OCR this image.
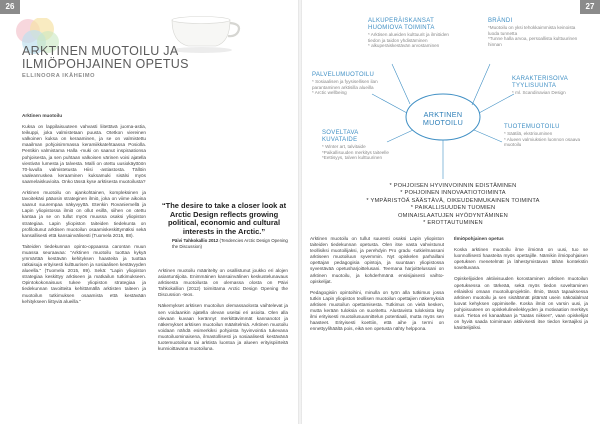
26
ARKTINEN MUOTOILU JA ILMIÖPOHJAINEN OPETUS
ELLINOORA IKÄHEIMO

Arktinen muotoilu

Kuksa on lappilaisuuteen vahvasti liitettävä juoma-astia, teikuppi, joka valmistetaan puusta. Otetkon viereinen valkoinen kuksa on keraaminen, ja se on valmistettu maailman pohjoisimmassa keramiikkatehtaassa Posiolla. Pentikin valmistama Halla -muki on saanut inspiraationsa pohjoisesta, ja sen puhtaan valkoisen värinen voisi ajatella viestivän lumesta ja talvesta. Malli on otettu uusiokäyttöön 70-luvulla valmistetusta Hiisi -astiastosta. Tällöin vaaleanruskea keraaminen kuksamuki sisälsi myös saamelaiskuvioita. Onko tässä kyse arktisesta muotoilusta?

Arktinen muotoilu on ajankohtainen, kompleksinen ja tavoitekäsi pääosin strateginen ilmiö, joka on viime aikoina saanut suurempaa näkyvyyttä. Etenkin Rovaniemellä ja Lapin yliopistossa ilmiö on ollut esillä, siihen on otettu kantaa ja se on tullut myös muussa osaksi yliopiston strategiaa. Lapin yliopiston taiteiden tiedekunta on profiloitunut arktisen muotoilun osaamiskeskittymäksi sekä kansallisesti että kansainvälisesti (Tuomela 2015, 88).

Taiteiden tiedekunnan opinto-oppaassa carontan muun muassa seuraavaa: "Arktinen muotoilu tuottaa kykyä ymmärtää kestävän kehityksen haasteita ja tuottaa ratkaisuja erityisesti kulttuurisen ja sosiaalisen kestävyyden alueella." (Tuomela 2015, 89). Sekä: "Lapin yliopiston strategiaa keskittyy arktiseen ja matkailun tutkimukseen. Opintokokonaisuus tukee yliopiston strategiaa ja tiedekunnan tavoitteita kehittämällä arktisten taiteen ja muotoilun tutkimuksen osaamista että kestävään kehitykseen liittyviä alueilla."

“The desire to take a closer look at Arctic Design reflects growing political, economic and cultural interests in the Arctic.”

Päivi Tahkokallio 2012 (Tendencies Arctic Design Opening the Discussion)

Arktinen muotoilu määritelty on osallistunut joukko eri alojen asiantuntijoita. Enimmäinen kansainvälinen keskustelunavaus arktisesta muotoilusta on olemassa olosta on Päivi Tahkokallion (2012) toimittama Arctic Design Opening the Discussion -teos.

Näkemykset arktisen muotoilun olemassaolosta vaihtelevat ja sen voidaankin ajatella olevan useitai eri asioita. Olen alla olevaan kuvaan kerännyt merkittävimmät kannanotot ja näkemykset arktisen muotoilun määritelmiä. Arktinen muotoilu voidaan nähdä esimerkiksi pohjoista hyvinvointia tukevana muotoiluominaisena, ilmastollisesti ja sosiaalisesti kestävänä tuotemuotoiluna tai arktista luontoa ja alueen erityispiirteitä kunnioittavana muotoiluna.

27
ALKUPERÄISKANSAT HUOMIOVA TOIMINTA
* Arktisen alueiden kulttuurit ja ilmiöiden tiedon ja taidon yhdistäminen
* alkuperäiskestävän arvostaminen
BRÄNDI
*Muotoilu on yksi tehokkaimmista keinoista luoda tunnetta
*Tunne halla arvoa, persoallista kulttuurinen hinnan
PALVELUMUOTOILU
* Sosiaalisen ja fyysisellisen ilan parantaminen arktisilla alueilla
* Arctic wellbeing
KARAKTERISOIVA TYYLISUUNTA
* ml. Scandinavian Design
SOVELTAVA KUVATAIDE
* Winter art, talvitaide
*Paikallisuuden merkitys taiteelle
*Eettisyys, talven kulttuurinen
TUOTEMUOTOILU
* Säätilä, ekstriouminen
* Alueen valmiuksien luonnon osaava muotoilu
ARKTINEN MUOTOILU
* POHJOISEN HYVINVOINNIN EDISTÄMINEN
* POHJOINEN INNOVAATIOTOIMINTA
* YMPÄRISTÖÄ SÄÄSTÄVÄ, OIKEUDENMUKAINEN TOIMINTA
* PAIKALLISUUDEN TUOMIEN
OMINAISLAATUJEN HYÖDYNTÄMINEN
* EROTTAUTUMINEN

Arktinen muotoilu on tullut suuresti osaksi Lapin yliopiston taiteiden tiedekunnan opetusta. Olen itse vasta vahvistunut teollisiksi muotoilijaksi, ja perehdyin Pro gradu -tutkielmassani arktiseen muotoiluun syvemmin. Nyt opiskelen parhaillani opettajan pedagogisia opintoja, ja suuntaan yliopistossa syventävää opetusharjoittelusani. Teemana harjoittelussani on arktinen muotoilu, ja kohderhmänä ensisijaisesti vaihto-opiskelijat.

Pedagogisiin opintoihini, minulla on työn alla tutkimus jossa tutkin Lapin yliopiston teollisen muotoilun opettajien näkemyksiä arktisen muotoilun opettamisesta. Tutkimus on vielä kesken, mutta kerään tuloksia on suoritettu. Alustavista tuloksista käy ilmi erityisesti muotoilusuunnittelun potentiaali, mutta myös sen haasteet. Erityisesti koettiin, että aihe ja termi on ennettyylihäältä pois, eikä sen opetusta nähty helppona.

Ilmiöpohjainen opetus

Koska arktinen muotoilu ilme ilmiönä on uusi, tuo se luonnollisesti haasteita myös opettajille. Nämikin ilmiöpohjaisen opetuksen menetelmät ja lähestymistavan tähän kontekstin soveltuvana.

Opiskelijoiden aktiivisuuden korostaminen arktisen muotoilun opetuksessa on tärkeää, sekä myös tiedon soveltaminen erilaisiksi omaan muotoiluprojektiin. Ilmiö, tässä tapauksessa arktinen muotoilu ja sen sisältämät pitämät usein näköalalmat luovat kehyksen oppimiselle. Koska ilmiö on varsin uusi, ja pohjoisuuteen on opiskelulineilekkyyden ja motivaation merkitys suuri. Tietoa eri kanaaltaan ja "taatas niiksen", vaan opiskelijat on hyviä saada toimimaan aktiivisesti itse tiedon keräajiksi ja käsittelijöiksi.
